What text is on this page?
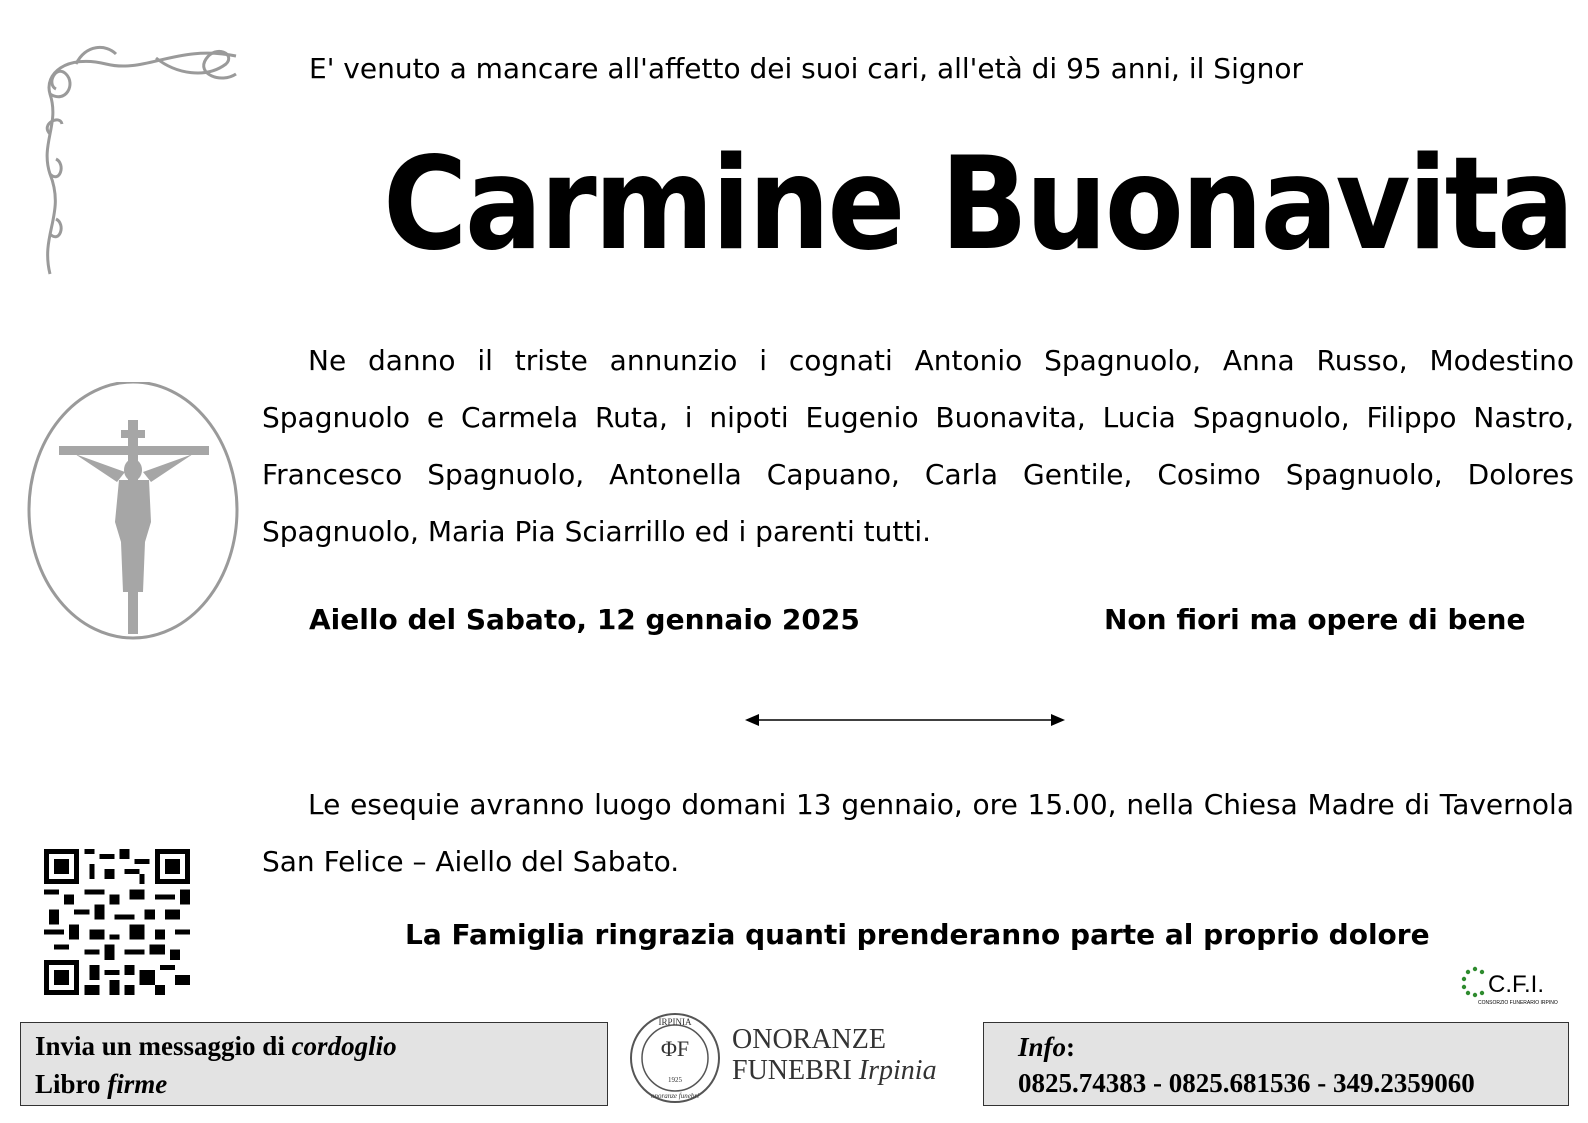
E' venuto a mancare all'affetto dei suoi cari, all'età di 95 anni, il Signor
Carmine Buonavita
Ne danno il triste annunzio i cognati Antonio Spagnuolo, Anna Russo, Modestino Spagnuolo e Carmela Ruta, i nipoti Eugenio Buonavita, Lucia Spagnuolo, Filippo Nastro, Francesco Spagnuolo, Antonella Capuano, Carla Gentile, Cosimo Spagnuolo, Dolores Spagnuolo, Maria Pia Sciarrillo ed i parenti tutti.
Aiello del Sabato, 12 gennaio 2025	Non fiori ma opere di bene
Le esequie avranno luogo domani 13 gennaio, ore 15.00, nella Chiesa Madre di Tavernola San Felice – Aiello del Sabato.
La Famiglia ringrazia quanti prenderanno parte al proprio dolore
C.F.I.
CONSORZIO FUNERARIO IRPINO
Invia un messaggio di cordoglio
Libro firme
IRPINIA
ΦF
1925
onoranze funebri
ONORANZE
FUNEBRI Irpinia
Info:
0825.74383 - 0825.681536 - 349.2359060
